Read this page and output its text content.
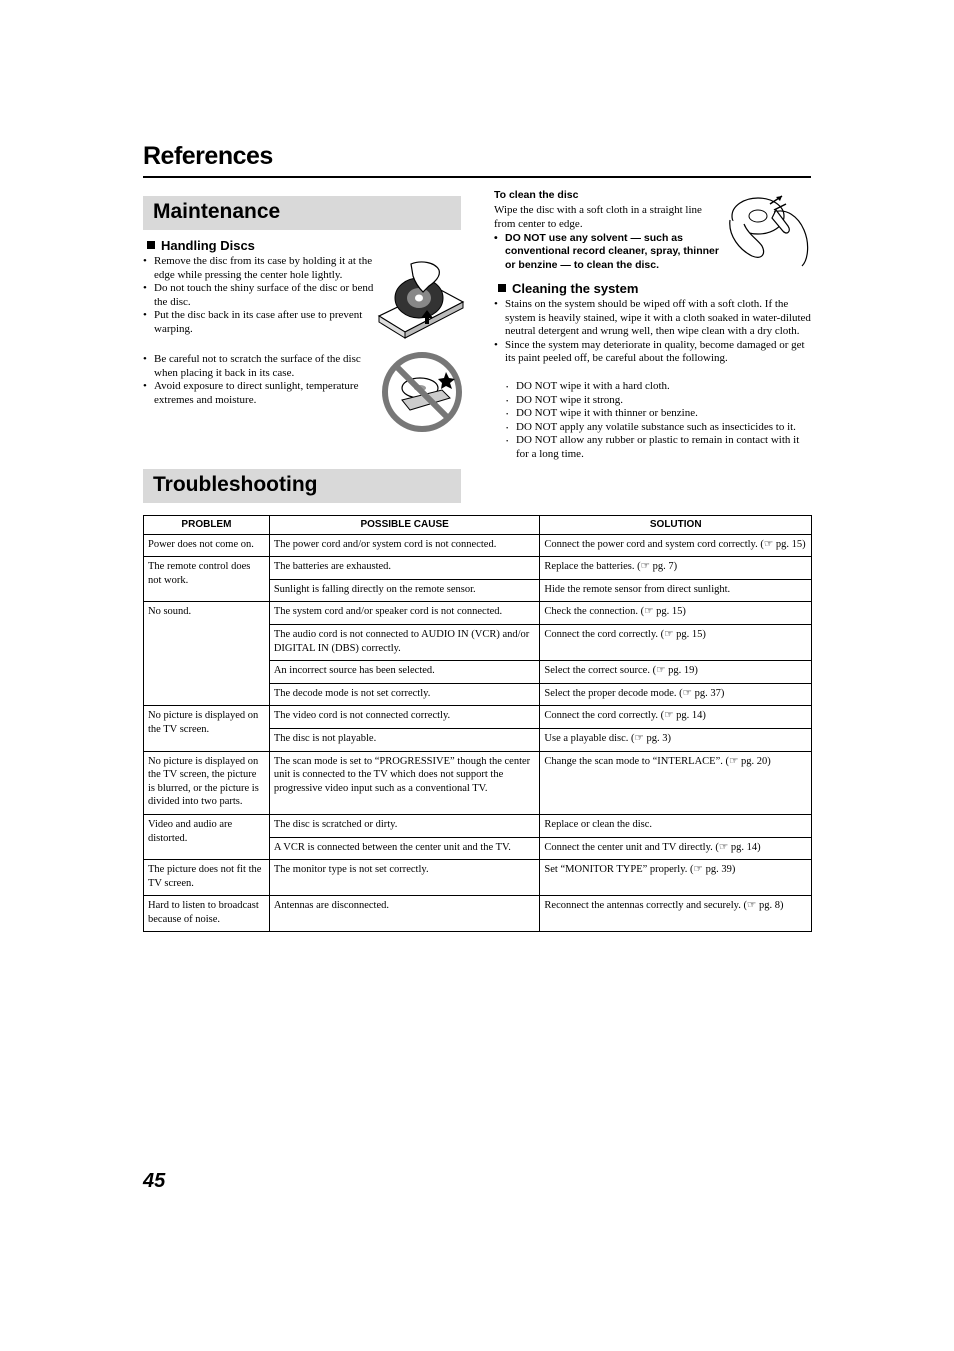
References
Maintenance
Handling Discs
• Remove the disc from its case by holding it at the edge while pressing the center hole lightly.
• Do not touch the shiny surface of the disc or bend the disc.
• Put the disc back in its case after use to prevent warping.
• Be careful not to scratch the surface of the disc when placing it back in its case.
• Avoid exposure to direct sunlight, temperature extremes and moisture.
To clean the disc
Wipe the disc with a soft cloth in a straight line from center to edge.
• DO NOT use any solvent — such as conventional record cleaner, spray, thinner or benzine — to clean the disc.
Cleaning the system
• Stains on the system should be wiped off with a soft cloth. If the system is heavily stained, wipe it with a cloth soaked in water-diluted neutral detergent and wrung well, then wipe clean with a dry cloth.
• Since the system may deteriorate in quality, become damaged or get its paint peeled off, be careful about the following.
· DO NOT wipe it with a hard cloth.
· DO NOT wipe it strong.
· DO NOT wipe it with thinner or benzine.
· DO NOT apply any volatile substance such as insecticides to it.
· DO NOT allow any rubber or plastic to remain in contact with it for a long time.
Troubleshooting
PROBLEM	POSSIBLE CAUSE	SOLUTION
Power does not come on.	The power cord and/or system cord is not connected.	Connect the power cord and system cord correctly. (☞ pg. 15)
The remote control does not work.	The batteries are exhausted.	Replace the batteries. (☞ pg. 7)
	Sunlight is falling directly on the remote sensor.	Hide the remote sensor from direct sunlight.
No sound.	The system cord and/or speaker cord is not connected.	Check the connection. (☞ pg. 15)
	The audio cord is not connected to AUDIO IN (VCR) and/or DIGITAL IN (DBS) correctly.	Connect the cord correctly. (☞ pg. 15)
	An incorrect source has been selected.	Select the correct source. (☞ pg. 19)
	The decode mode is not set correctly.	Select the proper decode mode. (☞ pg. 37)
No picture is displayed on the TV screen.	The video cord is not connected correctly.	Connect the cord correctly. (☞ pg. 14)
	The disc is not playable.	Use a playable disc. (☞ pg. 3)
No picture is displayed on the TV screen, the picture is blurred, or the picture is divided into two parts.	The scan mode is set to “PROGRESSIVE” though the center unit is connected to the TV which does not support the progressive video input such as a conventional TV.	Change the scan mode to “INTERLACE”. (☞ pg. 20)
Video and audio are distorted.	The disc is scratched or dirty.	Replace or clean the disc.
	A VCR is connected between the center unit and the TV.	Connect the center unit and TV directly. (☞ pg. 14)
The picture does not fit the TV screen.	The monitor type is not set correctly.	Set “MONITOR TYPE” properly. (☞ pg. 39)
Hard to listen to broadcast because of noise.	Antennas are disconnected.	Reconnect the antennas correctly and securely. (☞ pg. 8)
45
